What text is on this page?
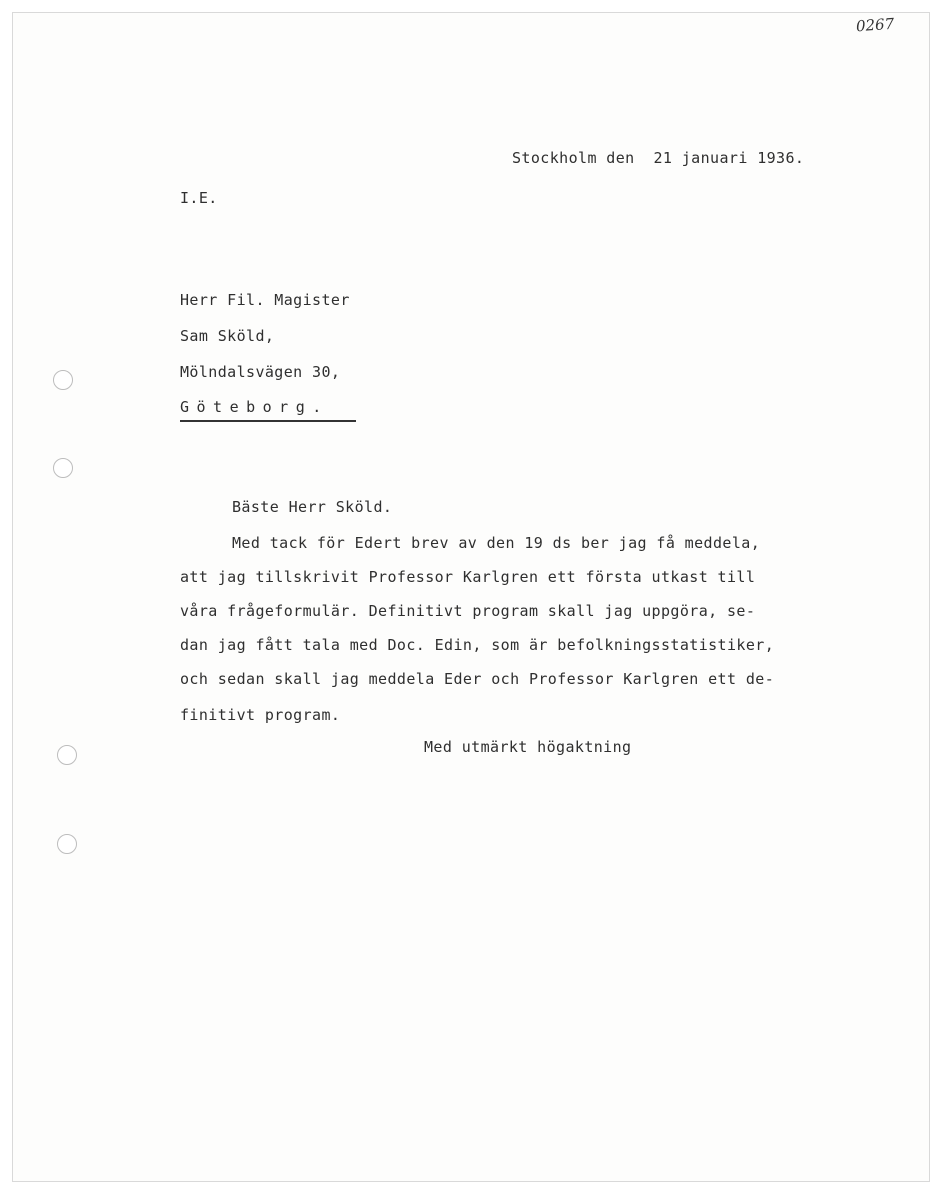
0267
Stockholm den  21 januari 1936.
I.E.
Herr Fil. Magister
Sam Sköld,
Mölndalsvägen 30,
Göteborg.
Bäste Herr Sköld.
Med tack för Edert brev av den 19 ds ber jag få meddela,
att jag tillskrivit Professor Karlgren ett första utkast till
våra frågeformulär. Definitivt program skall jag uppgöra, se-
dan jag fått tala med Doc. Edin, som är befolkningsstatistiker,
och sedan skall jag meddela Eder och Professor Karlgren ett de-
finitivt program.
Med utmärkt högaktning
